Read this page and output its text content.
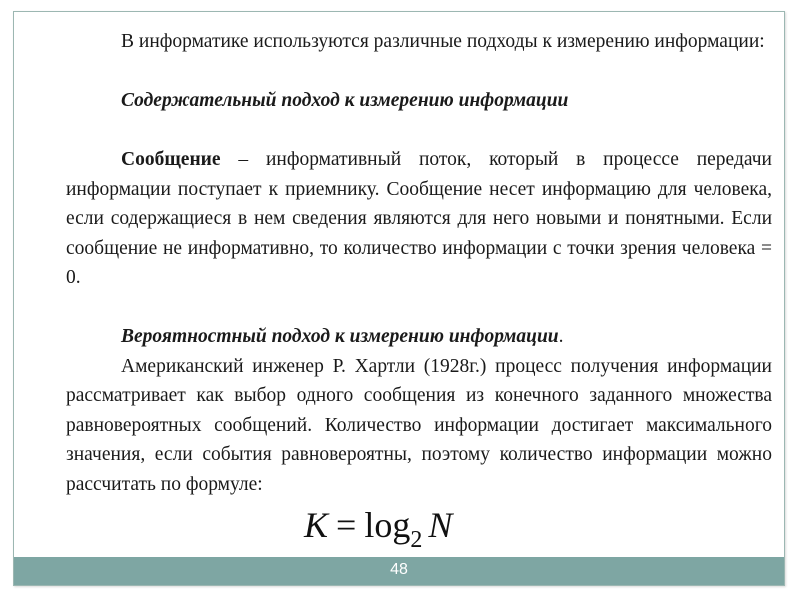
В информатике используются различные подходы к измерению информации:

Содержательный подход к измерению информации

Сообщение – информативный поток, который в процессе передачи информации поступает к приемнику. Сообщение несет информацию для человека, если содержащиеся в нем сведения являются для него новыми и понятными. Если сообщение не информативно, то количество информации с точки зрения человека = 0.

Вероятностный подход к измерению информации.

Американский инженер Р. Хартли (1928г.) процесс получения информации рассматривает как выбор одного сообщения из конечного заданного множества равновероятных сообщений. Количество информации достигает максимального значения, если события равновероятны, поэтому количество информации можно рассчитать по формуле:

$K = \log_2 N$
48
